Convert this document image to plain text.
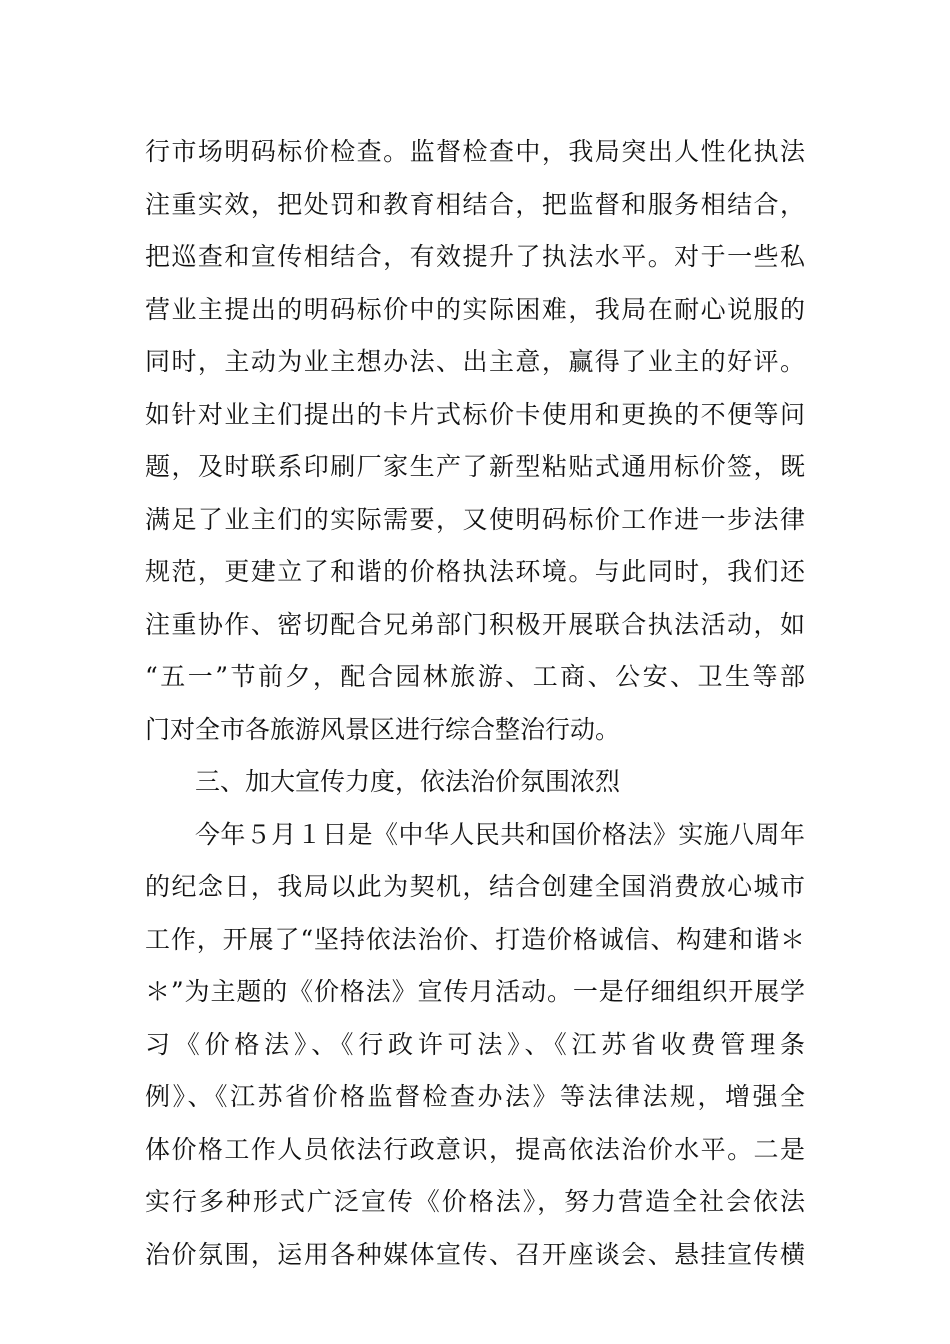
行市场明码标价检查。监督检查中，我局突出人性化执法
注重实效，把处罚和教育相结合，把监督和服务相结合，
把巡查和宣传相结合，有效提升了执法水平。对于一些私
营业主提出的明码标价中的实际困难，我局在耐心说服的
同时，主动为业主想办法、出主意，赢得了业主的好评。
如针对业主们提出的卡片式标价卡使用和更换的不便等问
题，及时联系印刷厂家生产了新型粘贴式通用标价签，既
满足了业主们的实际需要，又使明码标价工作进一步法律
规范，更建立了和谐的价格执法环境。与此同时，我们还
注重协作、密切配合兄弟部门积极开展联合执法活动，如
“五一”节前夕，配合园林旅游、工商、公安、卫生等部
门对全市各旅游风景区进行综合整治行动。
三、加大宣传力度，依法治价氛围浓烈
今年５月１日是《中华人民共和国价格法》实施八周年
的纪念日，我局以此为契机，结合创建全国消费放心城市
工作，开展了“坚持依法治价、打造价格诚信、构建和谐＊
＊”为主题的《价格法》宣传月活动。一是仔细组织开展学
习《价格法》、《行政许可法》、《江苏省收费管理条
例》、《江苏省价格监督检查办法》等法律法规，增强全
体价格工作人员依法行政意识，提高依法治价水平。二是
实行多种形式广泛宣传《价格法》，努力营造全社会依法
治价氛围，运用各种媒体宣传、召开座谈会、悬挂宣传横
